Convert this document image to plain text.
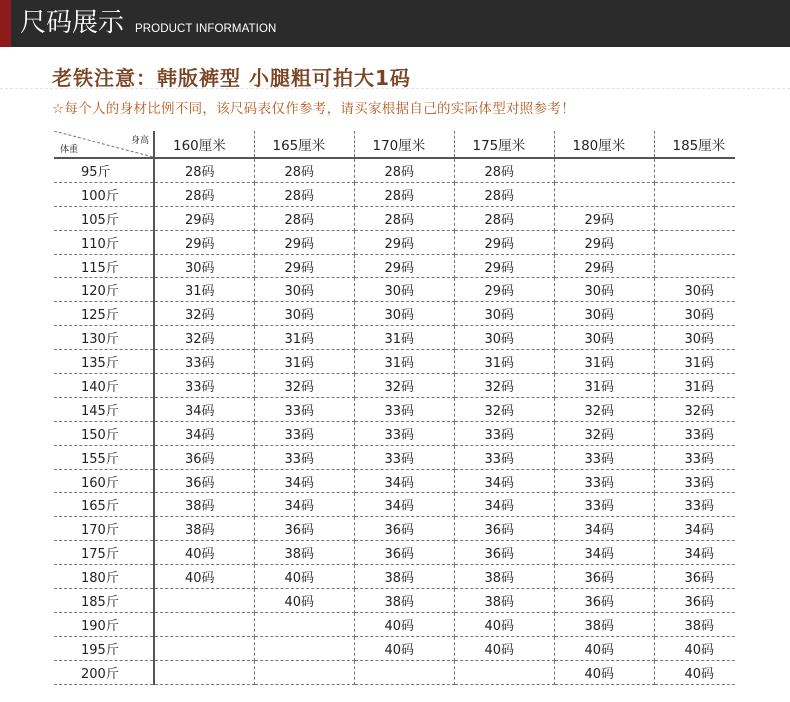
尺码展示 PRODUCT INFORMATION
老铁注意：韩版裤型 小腿粗可拍大1码
☆每个人的身材比例不同，该尺码表仅作参考，请买家根据自己的实际体型对照参考！
身高
体重	160厘米	165厘米	170厘米	175厘米	180厘米	185厘米
95斤	28码	28码	28码	28码		
100斤	28码	28码	28码	28码		
105斤	29码	28码	28码	28码	29码	
110斤	29码	29码	29码	29码	29码	
115斤	30码	29码	29码	29码	29码	
120斤	31码	30码	30码	29码	30码	30码
125斤	32码	30码	30码	30码	30码	30码
130斤	32码	31码	31码	30码	30码	30码
135斤	33码	31码	31码	31码	31码	31码
140斤	33码	32码	32码	32码	31码	31码
145斤	34码	33码	33码	32码	32码	32码
150斤	34码	33码	33码	33码	32码	33码
155斤	36码	33码	33码	33码	33码	33码
160斤	36码	34码	34码	34码	33码	33码
165斤	38码	34码	34码	34码	33码	33码
170斤	38码	36码	36码	36码	34码	34码
175斤	40码	38码	36码	36码	34码	34码
180斤	40码	40码	38码	38码	36码	36码
185斤		40码	38码	38码	36码	36码
190斤			40码	40码	38码	38码
195斤			40码	40码	40码	40码
200斤					40码	40码
